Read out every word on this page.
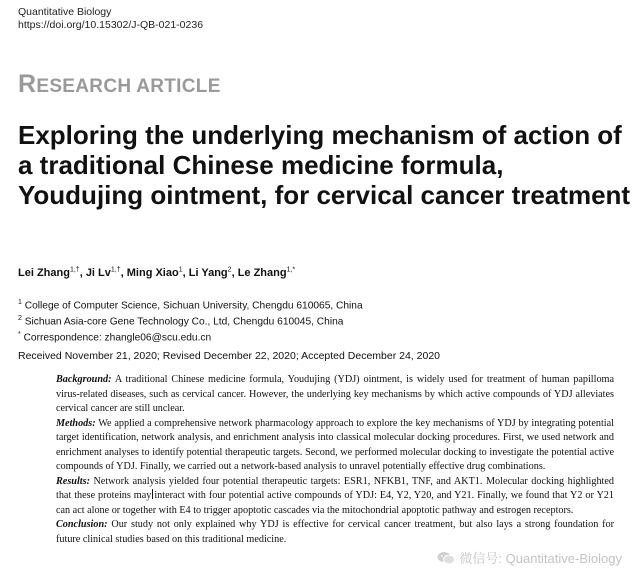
Quantitative Biology
https://doi.org/10.15302/J-QB-021-0236
RESEARCH ARTICLE
Exploring the underlying mechanism of action of a traditional Chinese medicine formula, Youdujing ointment, for cervical cancer treatment
Lei Zhang$^{1,\dagger}$, Ji $Lv^{1,\dagger}$, Ming Xiao$^1$, Li Yang$^2$, Le Zhang$^{1,*}$
$^1$ College of Computer Science, Sichuan University, Chengdu 610065, China
$^2$ Sichuan Asia-core Gene Technology Co., Ltd, Chengdu 610045, China
* Correspondence: zhangle06@scu.edu.cn
Received November 21, 2020; Revised December 22, 2020; Accepted December 24, 2020

Background: A traditional Chinese medicine formula, Youdujing (YDJ) ointment, is widely used for treatment of human papilloma virus-related diseases, such as cervical cancer. However, the underlying key mechanisms by which active compounds of YDJ alleviates cervical cancer are still unclear.

Methods: We applied a comprehensive network pharmacology approach to explore the key mechanisms of YDJ by integrating potential target identification, network analysis, and enrichment analysis into classical molecular docking procedures. First, we used network and enrichment analyses to identify potential therapeutic targets. Second, we performed molecular docking to investigate the potential active compounds of YDJ. Finally, we carried out a network-based analysis to unravel potentially effective drug combinations.

Results: Network analysis yielded four potential therapeutic targets: ESR1, NFKB1, TNF, and AKT1. Molecular docking highlighted that these proteins may interact with four potential active compounds of YDJ: E4, Y2, Y20, and Y21. Finally, we found that Y2 or Y21 can act alone or together with E4 to trigger apoptotic cascades via the mitochondrial apoptotic pathway and estrogen receptors.

Conclusion: Our study not only explained why YDJ is effective for cervical cancer treatment, but also lays a strong foundation for future clinical studies based on this traditional medicine.

微信号: Quantitative-Biology
